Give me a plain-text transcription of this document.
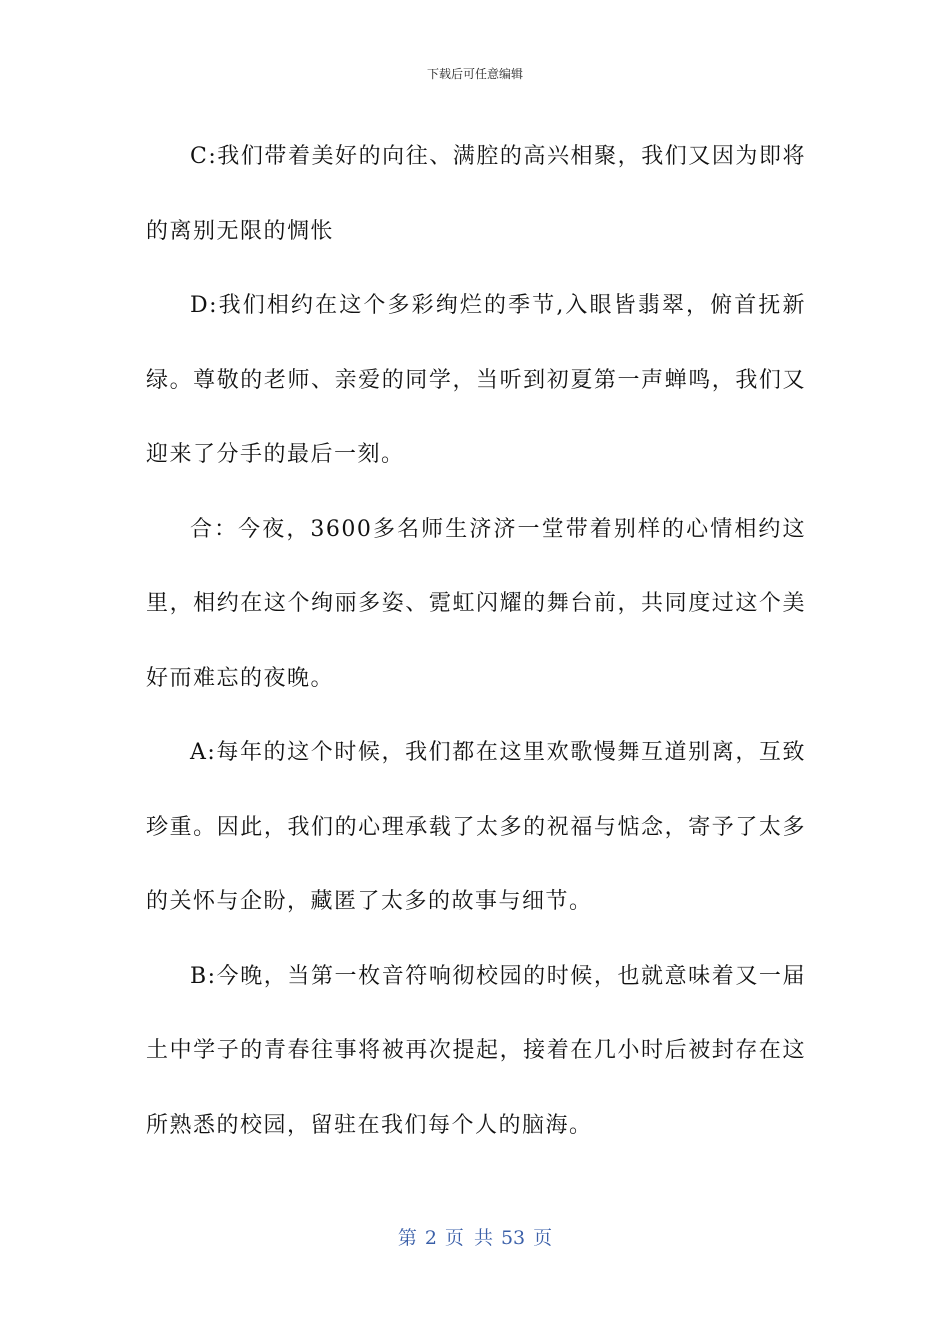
下载后可任意编辑

C:我们带着美好的向往、满腔的高兴相聚，我们又因为即将的离别无限的惆怅

D:我们相约在这个多彩绚烂的季节,入眼皆翡翠，俯首抚新绿。尊敬的老师、亲爱的同学，当听到初夏第一声蝉鸣，我们又迎来了分手的最后一刻。

合：今夜，3600多名师生济济一堂带着别样的心情相约这里，相约在这个绚丽多姿、霓虹闪耀的舞台前，共同度过这个美好而难忘的夜晚。

A:每年的这个时候，我们都在这里欢歌慢舞互道别离，互致珍重。因此，我们的心理承载了太多的祝福与惦念，寄予了太多的关怀与企盼，藏匿了太多的故事与细节。

B:今晚，当第一枚音符响彻校园的时候，也就意味着又一届土中学子的青春往事将被再次提起，接着在几小时后被封存在这所熟悉的校园，留驻在我们每个人的脑海。

第 2 页 共 53 页
